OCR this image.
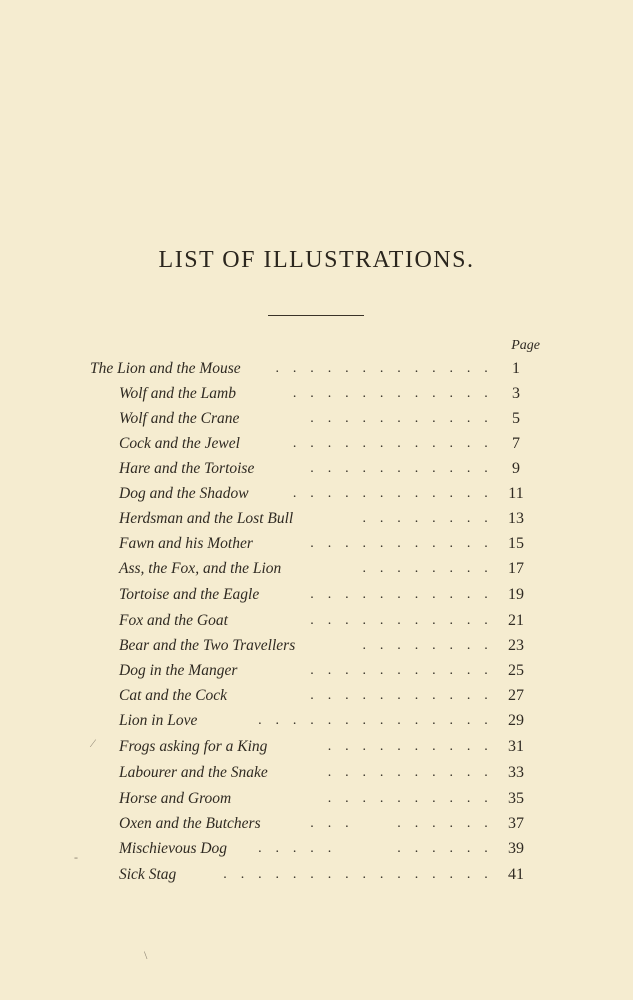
LIST OF ILLUSTRATIONS.
Page
The Lion and the Mouse . . . . . . . . . . . . .	1
Wolf and the Lamb	. . . . . . . . . . . .	3
Wolf and the Crane	. . . . . . . . . . .	5
Cock and the Jewel	. . . . . . . . . . . .	7
Hare and the Tortoise	. . . . . . . . . . .	9
Dog and the Shadow	. . . . . . . . . . . . 11
Herdsman and the Lost Bull	. . . . . . . . 13
Fawn and his Mother	. . . . . . . . . . . 15
Ass, the Fox, and the Lion	. . . . . . . . 17
Tortoise and the Eagle	. . . . . . . . . . . 19
Fox and the Goat	. . . . . . . . . . . 21
Bear and the Two Travellers	. . . . . . . . 23
Dog in the Manger	. . . . . . . . . . . 25
Cat and the Cock	. . . . . . . . . . . 27
Lion in Love	. . . . . . . . . . . . . . 29
Frogs asking for a King	. . . . . . . . . . 31
Labourer and the Snake	. . . . . . . . . . 33
Horse and Groom	. . . . . . . . . . 35
Oxen and the Butchers	. . .     . . . . . . 37
Mischievous Dog . . . . .       . . . . . . 39
Sick Stag	. . . . . . . . . . . . . . . . 41
⁄
-
\
